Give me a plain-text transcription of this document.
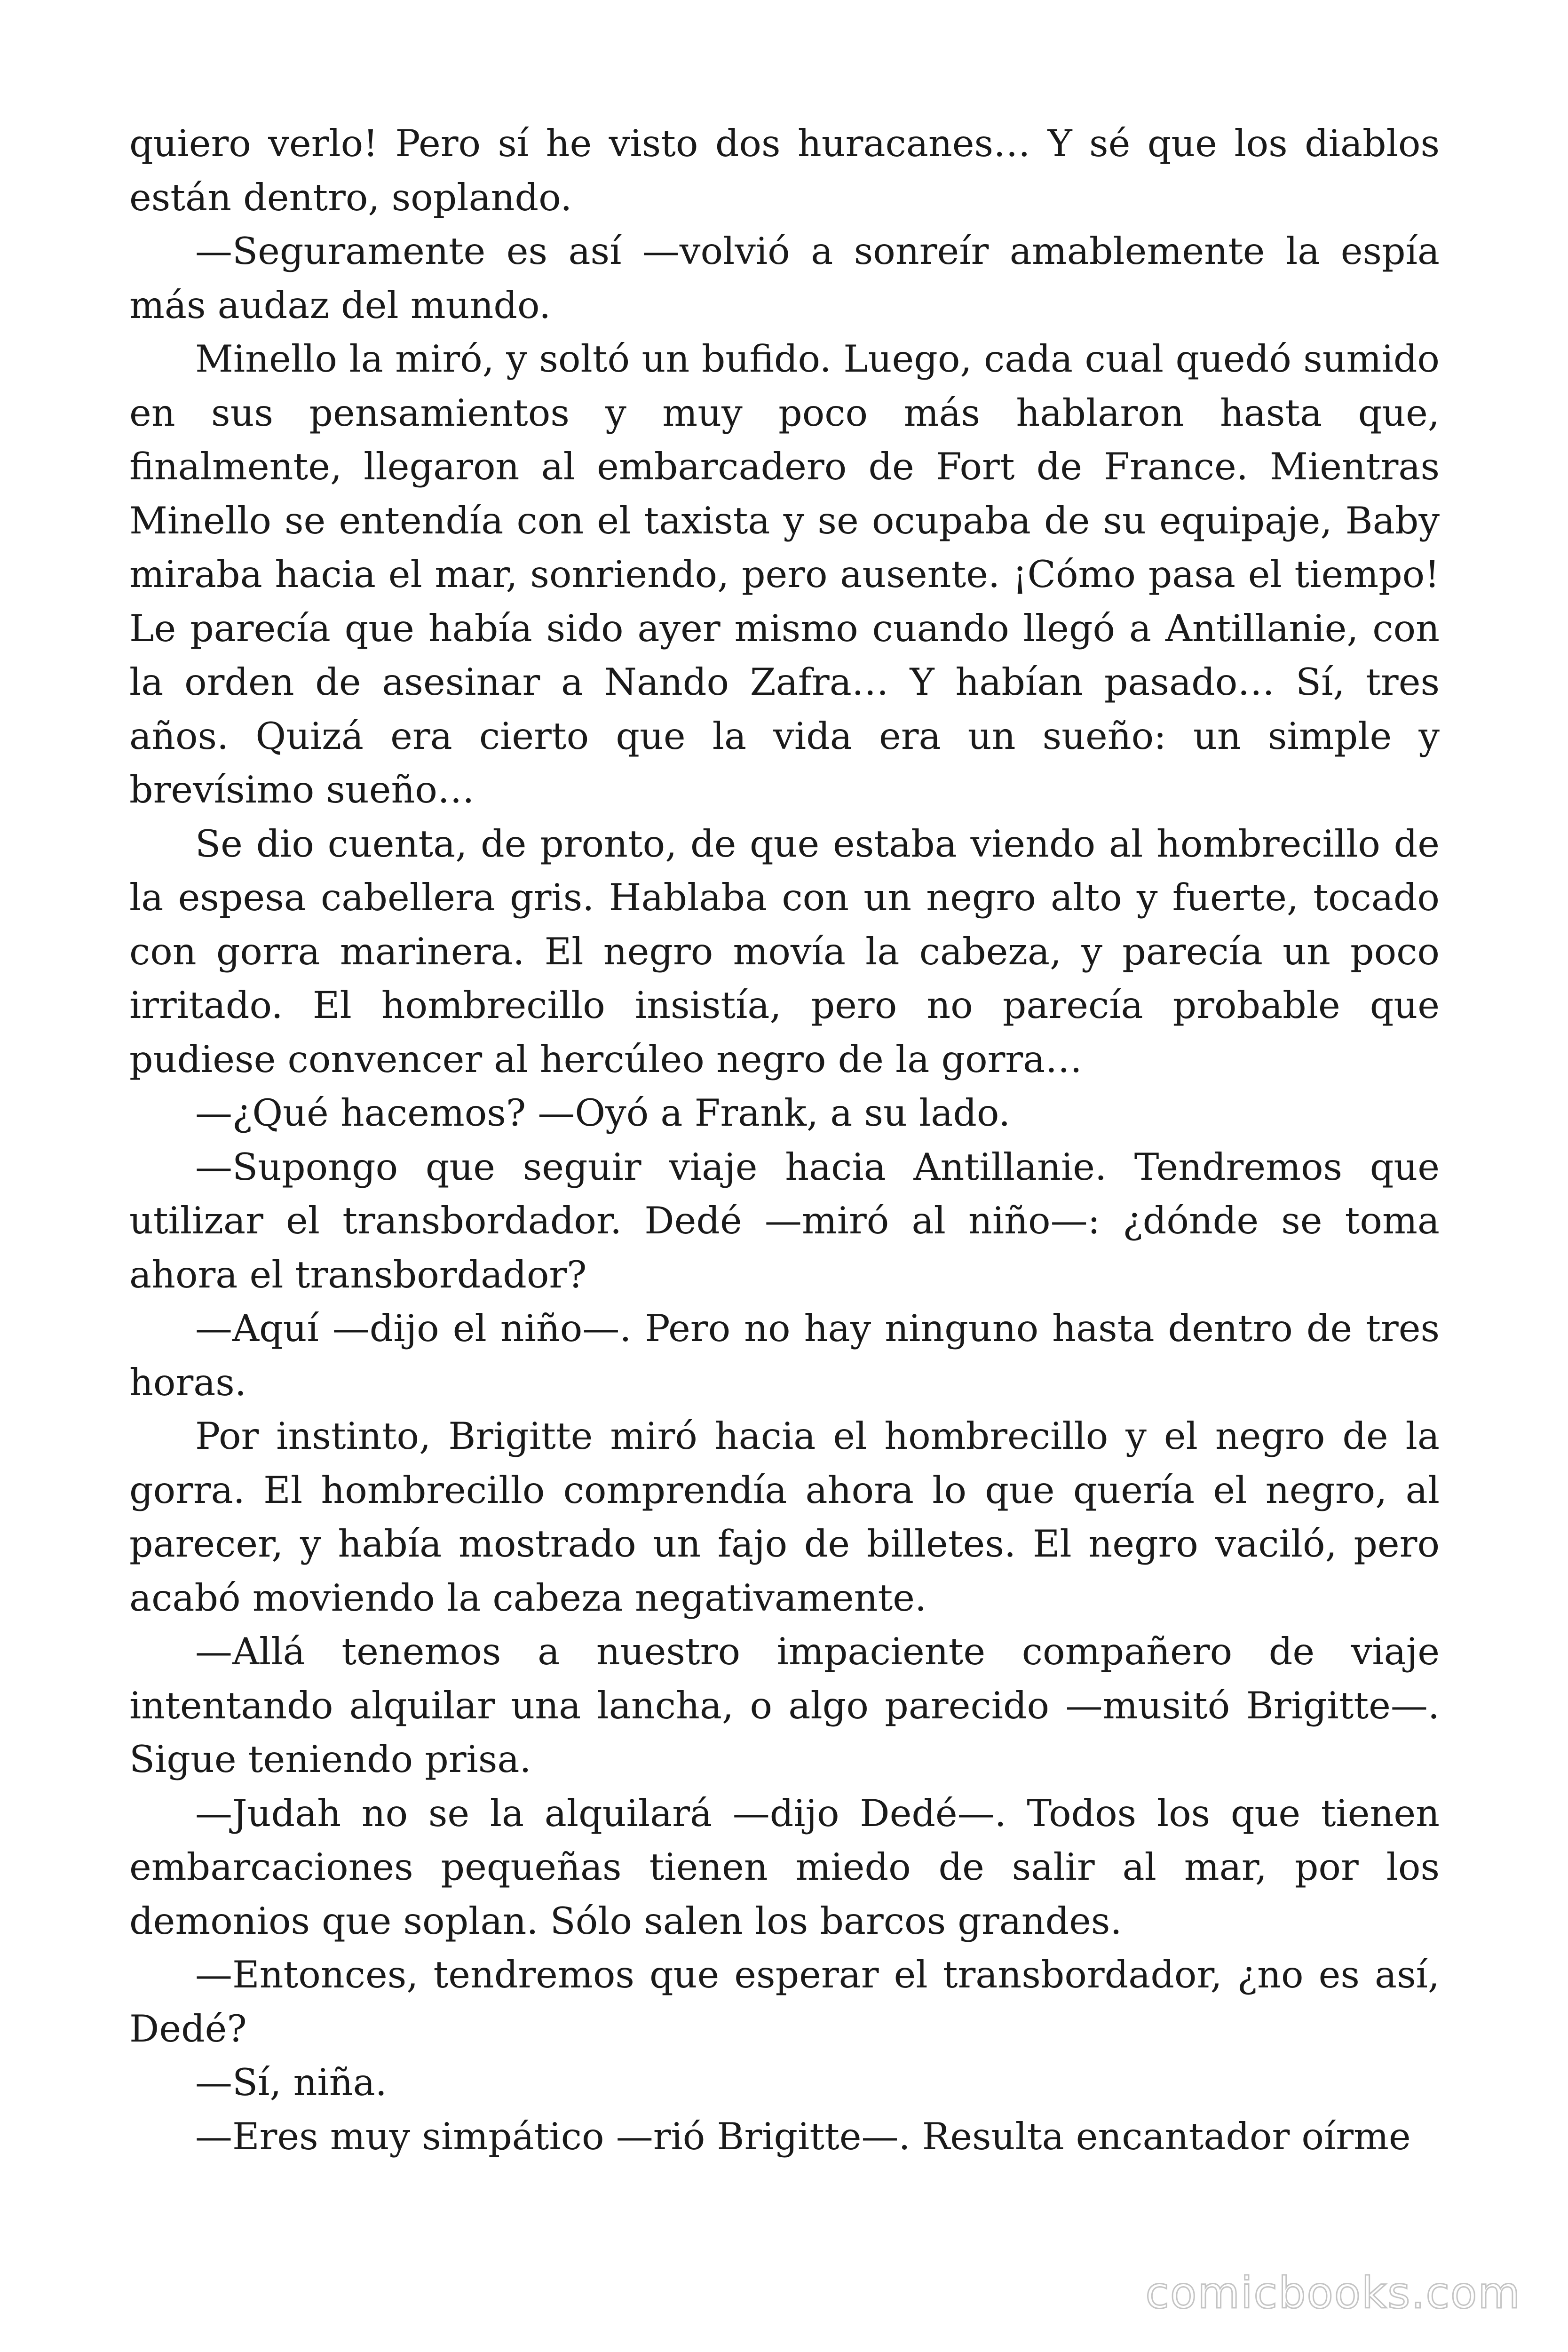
quiero verlo! Pero sí he visto dos huracanes… Y sé que los diablos están dentro, soplando.

—Seguramente es así —volvió a sonreír amablemente la espía más audaz del mundo.

Minello la miró, y soltó un bufido. Luego, cada cual quedó sumido en sus pensamientos y muy poco más hablaron hasta que, finalmente, llegaron al embarcadero de Fort de France. Mientras Minello se entendía con el taxista y se ocupaba de su equipaje, Baby miraba hacia el mar, sonriendo, pero ausente. ¡Cómo pasa el tiempo! Le parecía que había sido ayer mismo cuando llegó a Antillanie, con la orden de asesinar a Nando Zafra… Y habían pasado… Sí, tres años. Quizá era cierto que la vida era un sueño: un simple y brevísimo sueño…

Se dio cuenta, de pronto, de que estaba viendo al hombrecillo de la espesa cabellera gris. Hablaba con un negro alto y fuerte, tocado con gorra marinera. El negro movía la cabeza, y parecía un poco irritado. El hombrecillo insistía, pero no parecía probable que pudiese convencer al hercúleo negro de la gorra…

—¿Qué hacemos? —Oyó a Frank, a su lado.

—Supongo que seguir viaje hacia Antillanie. Tendremos que utilizar el transbordador. Dedé —miró al niño—: ¿dónde se toma ahora el transbordador?

—Aquí —dijo el niño—. Pero no hay ninguno hasta dentro de tres horas.

Por instinto, Brigitte miró hacia el hombrecillo y el negro de la gorra. El hombrecillo comprendía ahora lo que quería el negro, al parecer, y había mostrado un fajo de billetes. El negro vaciló, pero acabó moviendo la cabeza negativamente.

—Allá tenemos a nuestro impaciente compañero de viaje intentando alquilar una lancha, o algo parecido —musitó Brigitte—. Sigue teniendo prisa.

—Judah no se la alquilará —dijo Dedé—. Todos los que tienen embarcaciones pequeñas tienen miedo de salir al mar, por los demonios que soplan. Sólo salen los barcos grandes.

—Entonces, tendremos que esperar el transbordador, ¿no es así, Dedé?

—Sí, niña.

—Eres muy simpático —rió Brigitte—. Resulta encantador oírme

comicbooks.com
